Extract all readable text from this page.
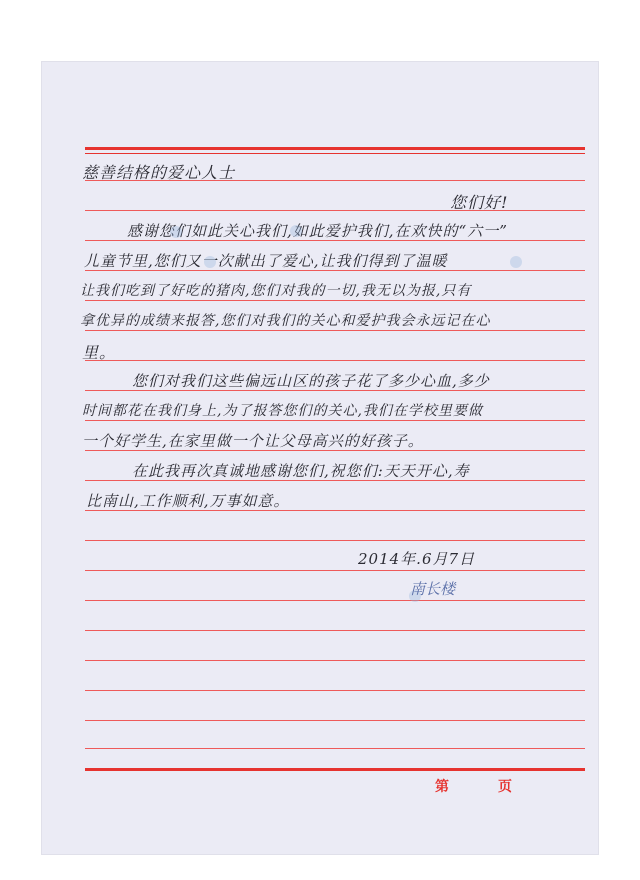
慈善结格的爱心人士
您们好!
感谢您们如此关心我们,如此爱护我们,在欢快的“六一”
儿童节里,您们又一次献出了爱心,让我们得到了温暖
让我们吃到了好吃的猪肉,您们对我的一切,我无以为报,只有
拿优异的成绩来报答,您们对我们的关心和爱护我会永远记在心
里。
您们对我们这些偏远山区的孩子花了多少心血,多少
时间都花在我们身上,为了报答您们的关心,我们在学校里要做
一个好学生,在家里做一个让父母高兴的好孩子。
在此我再次真诚地感谢您们,祝您们:天天开心,寿
比南山,工作顺利,万事如意。
2014年.6月7日
南长楼
第	页
